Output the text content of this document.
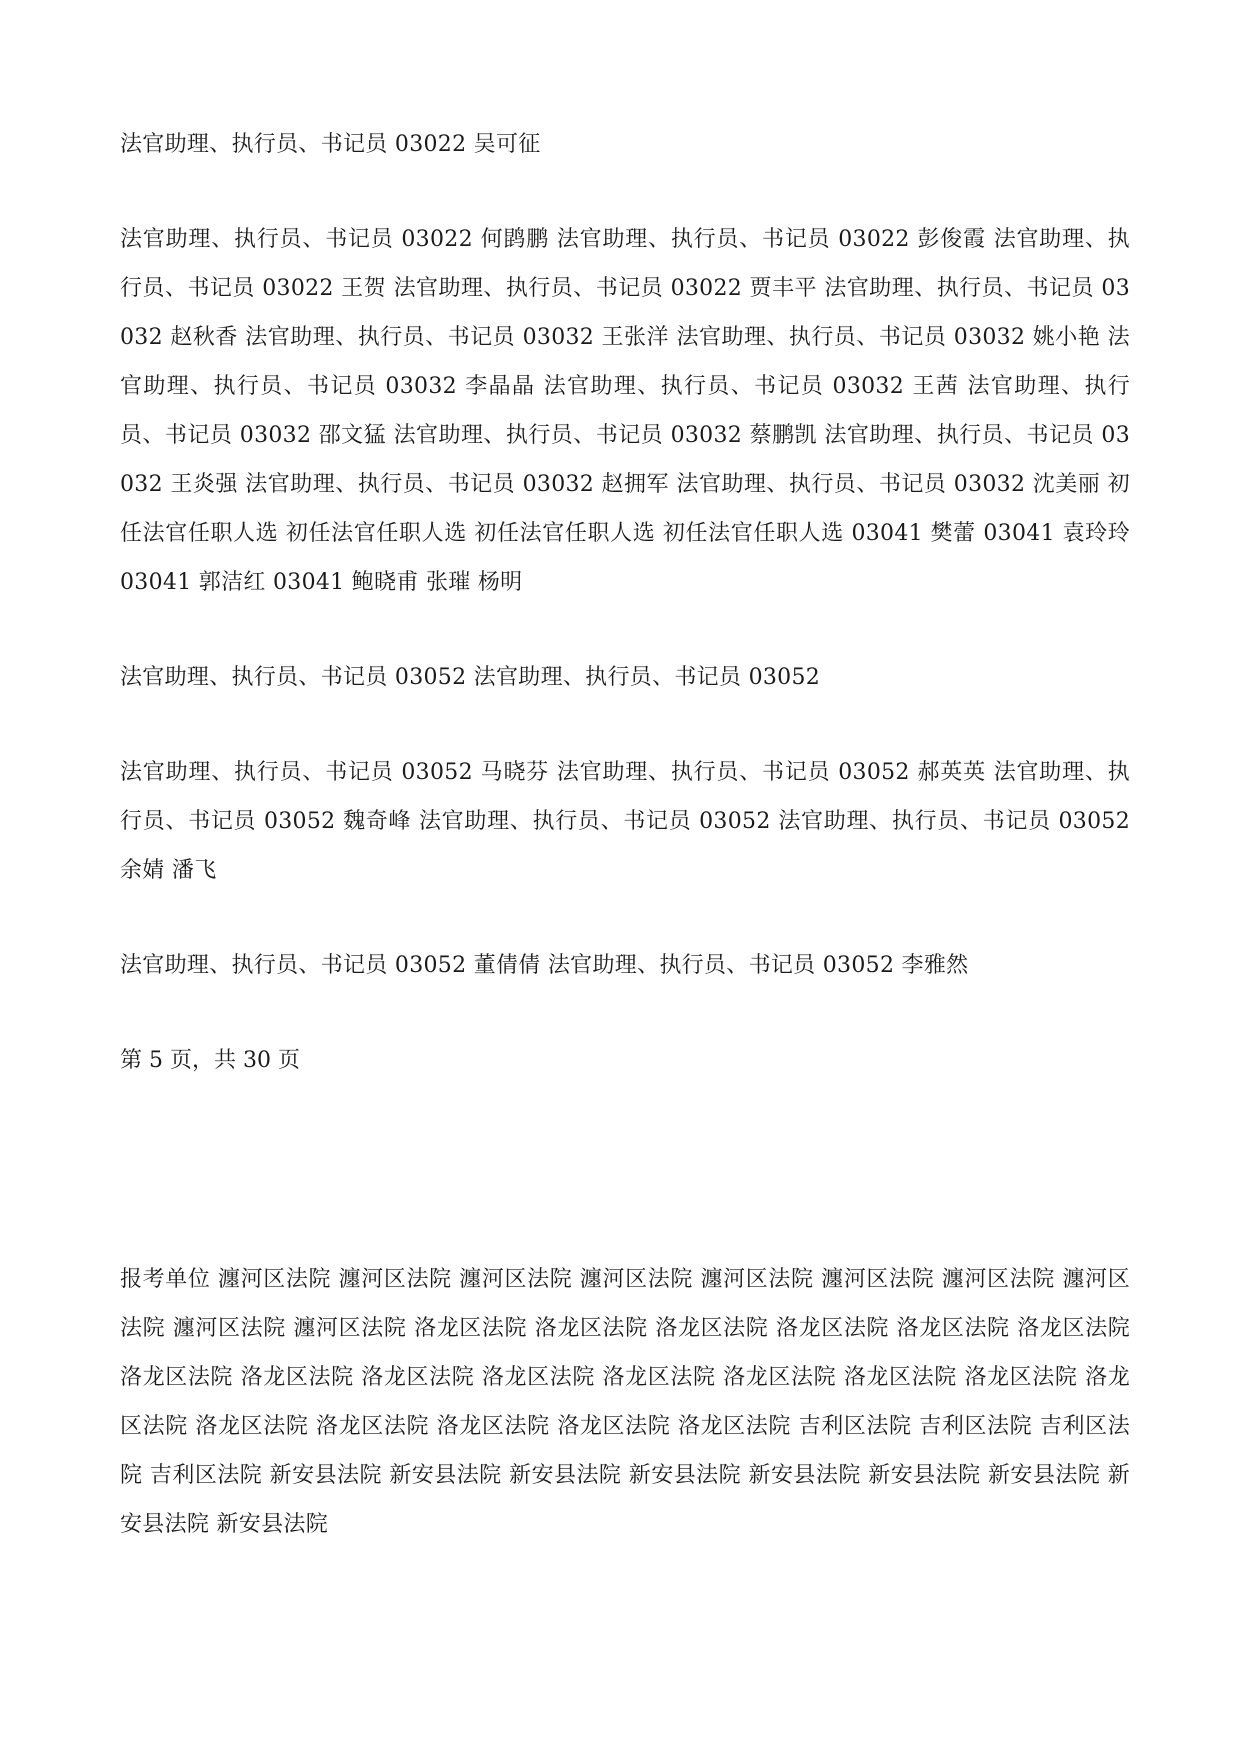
法官助理、执行员、书记员 03022 吴可征

法官助理、执行员、书记员 03022 何鹍鹏 法官助理、执行员、书记员 03022 彭俊霞 法官助理、执行员、书记员 03022 王贺 法官助理、执行员、书记员 03022 贾丰平 法官助理、执行员、书记员 03032 赵秋香 法官助理、执行员、书记员 03032 王张洋 法官助理、执行员、书记员 03032 姚小艳 法官助理、执行员、书记员 03032 李晶晶 法官助理、执行员、书记员 03032 王茜 法官助理、执行员、书记员 03032 邵文猛 法官助理、执行员、书记员 03032 蔡鹏凯 法官助理、执行员、书记员 03032 王炎强 法官助理、执行员、书记员 03032 赵拥军 法官助理、执行员、书记员 03032 沈美丽 初任法官任职人选 初任法官任职人选 初任法官任职人选 初任法官任职人选 03041 樊蕾 03041 袁玲玲 03041 郭洁红 03041 鲍晓甫 张璀 杨明

法官助理、执行员、书记员 03052 法官助理、执行员、书记员 03052

法官助理、执行员、书记员 03052 马晓芬 法官助理、执行员、书记员 03052 郝英英 法官助理、执行员、书记员 03052 魏奇峰 法官助理、执行员、书记员 03052 法官助理、执行员、书记员 03052 余婧 潘飞

法官助理、执行员、书记员 03052 董倩倩 法官助理、执行员、书记员 03052 李雅然

第 5 页，共 30 页

报考单位 瀍河区法院 瀍河区法院 瀍河区法院 瀍河区法院 瀍河区法院 瀍河区法院 瀍河区法院 瀍河区法院 瀍河区法院 瀍河区法院 洛龙区法院 洛龙区法院 洛龙区法院 洛龙区法院 洛龙区法院 洛龙区法院 洛龙区法院 洛龙区法院 洛龙区法院 洛龙区法院 洛龙区法院 洛龙区法院 洛龙区法院 洛龙区法院 洛龙区法院 洛龙区法院 洛龙区法院 洛龙区法院 洛龙区法院 洛龙区法院 吉利区法院 吉利区法院 吉利区法院 吉利区法院 新安县法院 新安县法院 新安县法院 新安县法院 新安县法院 新安县法院 新安县法院 新安县法院 新安县法院
